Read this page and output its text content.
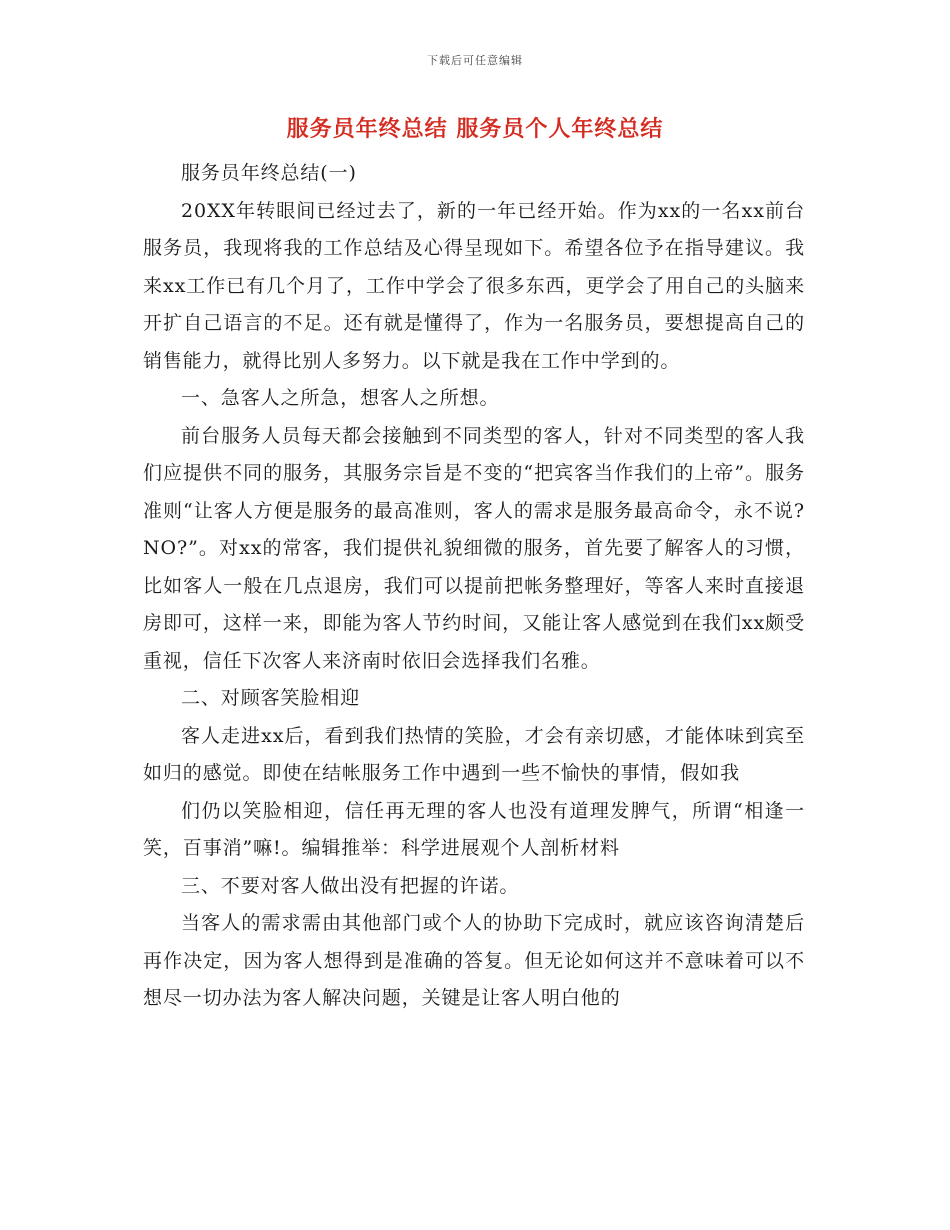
下载后可任意编辑
服务员年终总结 服务员个人年终总结

服务员年终总结(一)

20XX年转眼间已经过去了，新的一年已经开始。作为xx的一名xx前台服务员，我现将我的工作总结及心得呈现如下。希望各位予在指导建议。我来xx工作已有几个月了，工作中学会了很多东西，更学会了用自己的头脑来开扩自己语言的不足。还有就是懂得了，作为一名服务员，要想提高自己的销售能力，就得比别人多努力。以下就是我在工作中学到的。

一、急客人之所急，想客人之所想。

前台服务人员每天都会接触到不同类型的客人，针对不同类型的客人我们应提供不同的服务，其服务宗旨是不变的“把宾客当作我们的上帝”。服务准则“让客人方便是服务的最高准则，客人的需求是服务最高命令，永不说?NO?”。对xx的常客，我们提供礼貌细微的服务，首先要了解客人的习惯，比如客人一般在几点退房，我们可以提前把帐务整理好，等客人来时直接退房即可，这样一来，即能为客人节约时间，又能让客人感觉到在我们xx颇受重视，信任下次客人来济南时依旧会选择我们名雅。

二、对顾客笑脸相迎

客人走进xx后，看到我们热情的笑脸，才会有亲切感，才能体味到宾至如归的感觉。即使在结帐服务工作中遇到一些不愉快的事情，假如我

们仍以笑脸相迎，信任再无理的客人也没有道理发脾气，所谓“相逢一笑，百事消”嘛!。编辑推举：科学进展观个人剖析材料

三、不要对客人做出没有把握的许诺。

当客人的需求需由其他部门或个人的协助下完成时，就应该咨询清楚后再作决定，因为客人想得到是准确的答复。但无论如何这并不意味着可以不想尽一切办法为客人解决问题，关键是让客人明白他的
